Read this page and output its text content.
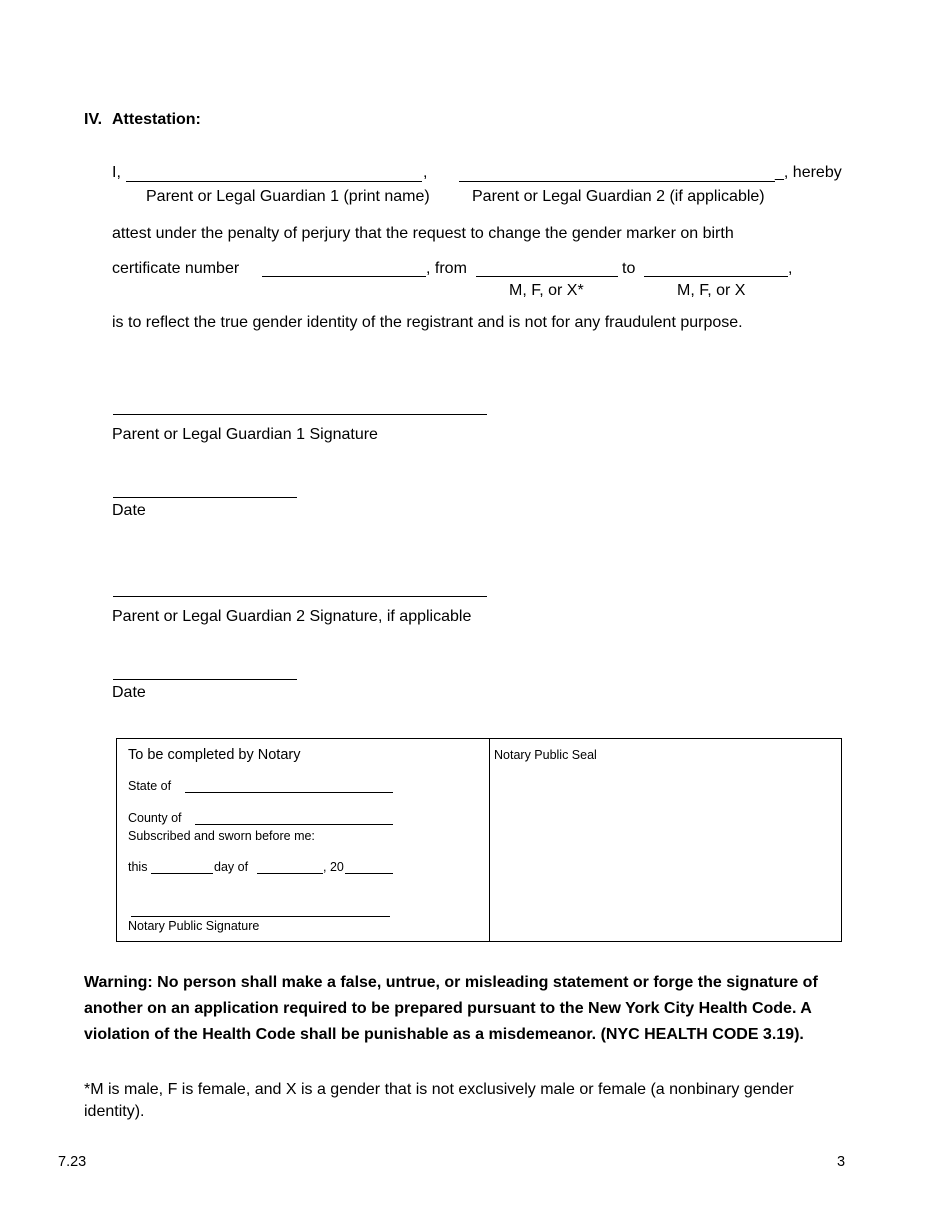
IV. Attestation:
I,	,	_, hereby
Parent or Legal Guardian 1 (print name)	Parent or Legal Guardian 2 (if applicable)
attest under the penalty of perjury that the request to change the gender marker on birth
certificate number	, from	to	,
M, F, or X*	M, F, or X
is to reflect the true gender identity of the registrant and is not for any fraudulent purpose.
Parent or Legal Guardian 1 Signature
Date
Parent or Legal Guardian 2 Signature, if applicable
Date
To be completed by Notary
State of
County of
Subscribed and sworn before me:
this	day of	, 20
Notary Public Signature
Notary Public Seal
Warning: No person shall make a false, untrue, or misleading statement or forge the signature of another on an application required to be prepared pursuant to the New York City Health Code. A violation of the Health Code shall be punishable as a misdemeanor. (NYC HEALTH CODE 3.19).
*M is male, F is female, and X is a gender that is not exclusively male or female (a nonbinary gender identity).
7.23	3
